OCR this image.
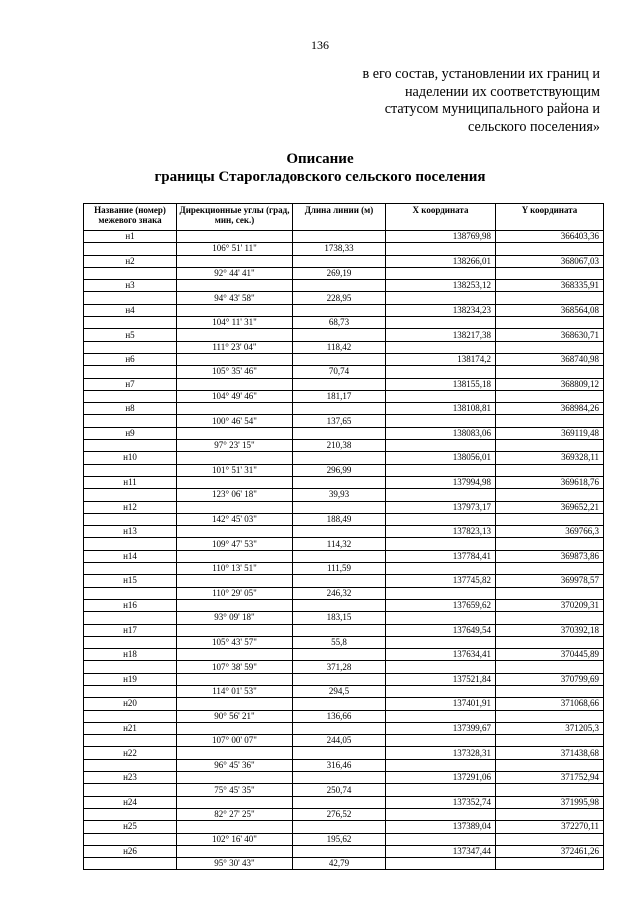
136
в его состав, установлении их границ и
наделении их соответствующим
статусом муниципального района и
сельского поселения»
Описание
границы Старогладовского сельского поселения
Название (номер) межевого знака	Дирекционные углы (град, мин, сек.)	Длина линии (м)	X координата	Y координата
н1			138769,98	366403,36
	106° 51' 11"	1738,33		
н2			138266,01	368067,03
	92° 44' 41"	269,19		
н3			138253,12	368335,91
	94° 43' 58"	228,95		
н4			138234,23	368564,08
	104° 11' 31"	68,73		
н5			138217,38	368630,71
	111° 23' 04"	118,42		
н6			138174,2	368740,98
	105° 35' 46"	70,74		
н7			138155,18	368809,12
	104° 49' 46"	181,17		
н8			138108,81	368984,26
	100° 46' 54"	137,65		
н9			138083,06	369119,48
	97° 23' 15"	210,38		
н10			138056,01	369328,11
	101° 51' 31"	296,99		
н11			137994,98	369618,76
	123° 06' 18"	39,93		
н12			137973,17	369652,21
	142° 45' 03"	188,49		
н13			137823,13	369766,3
	109° 47' 53"	114,32		
н14			137784,41	369873,86
	110° 13' 51"	111,59		
н15			137745,82	369978,57
	110° 29' 05"	246,32		
н16			137659,62	370209,31
	93° 09' 18"	183,15		
н17			137649,54	370392,18
	105° 43' 57"	55,8		
н18			137634,41	370445,89
	107° 38' 59"	371,28		
н19			137521,84	370799,69
	114° 01' 53"	294,5		
н20			137401,91	371068,66
	90° 56' 21"	136,66		
н21			137399,67	371205,3
	107° 00' 07"	244,05		
н22			137328,31	371438,68
	96° 45' 36"	316,46		
н23			137291,06	371752,94
	75° 45' 35"	250,74		
н24			137352,74	371995,98
	82° 27' 25"	276,52		
н25			137389,04	372270,11
	102° 16' 40"	195,62		
н26			137347,44	372461,26
	95° 30' 43"	42,79		
